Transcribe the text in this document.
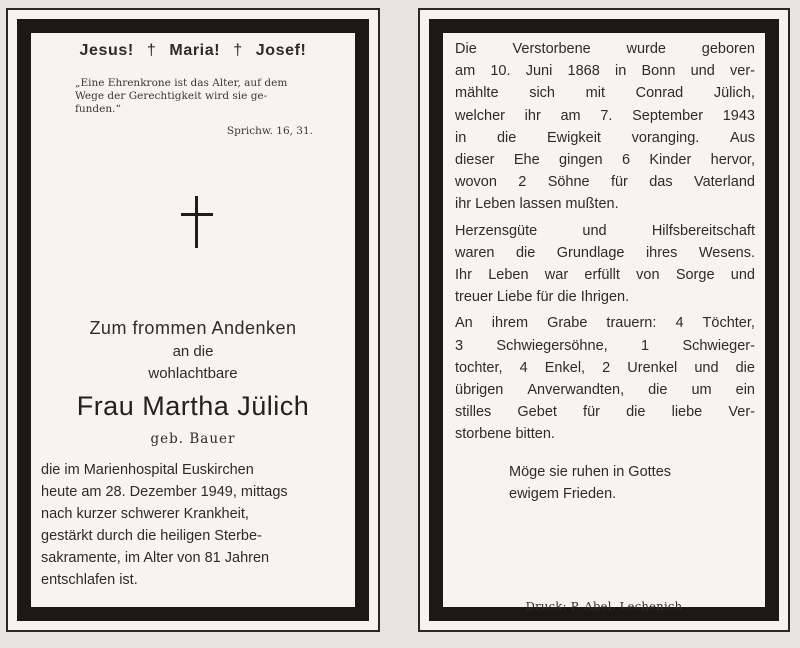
Jesus! † Maria! † Josef!
„Eine Ehrenkrone ist das Alter, auf dem
Wege der Gerechtigkeit wird sie ge-
funden.“
Sprichw. 16, 31.
Zum frommen Andenken
an die
wohlachtbare
Frau Martha Jülich
geb. Bauer
die im Marienhospital Euskirchen
heute am 28. Dezember 1949, mittags
nach kurzer schwerer Krankheit,
gestärkt durch die heiligen Sterbe-
sakramente, im Alter von 81 Jahren
entschlafen ist.
Die Verstorbene wurde geboren
am 10. Juni 1868 in Bonn und ver-
mählte sich mit Conrad Jülich,
welcher ihr am 7. September 1943
in die Ewigkeit voranging. Aus
dieser Ehe gingen 6 Kinder hervor,
wovon 2 Söhne für das Vaterland
ihr Leben lassen mußten.
Herzensgüte	und	Hilfsbereitschaft
waren die Grundlage ihres Wesens.
Ihr Leben war erfüllt von Sorge und
treuer Liebe für die Ihrigen.
An ihrem Grabe trauern: 4 Töchter,
3 Schwiegersöhne, 1 Schwieger-
tochter, 4 Enkel, 2 Urenkel und die
übrigen Anverwandten, die um ein
stilles Gebet für die liebe Ver-
storbene bitten.
Möge sie ruhen in Gottes
ewigem Frieden.
Druck: P. Abel, Lechenich
